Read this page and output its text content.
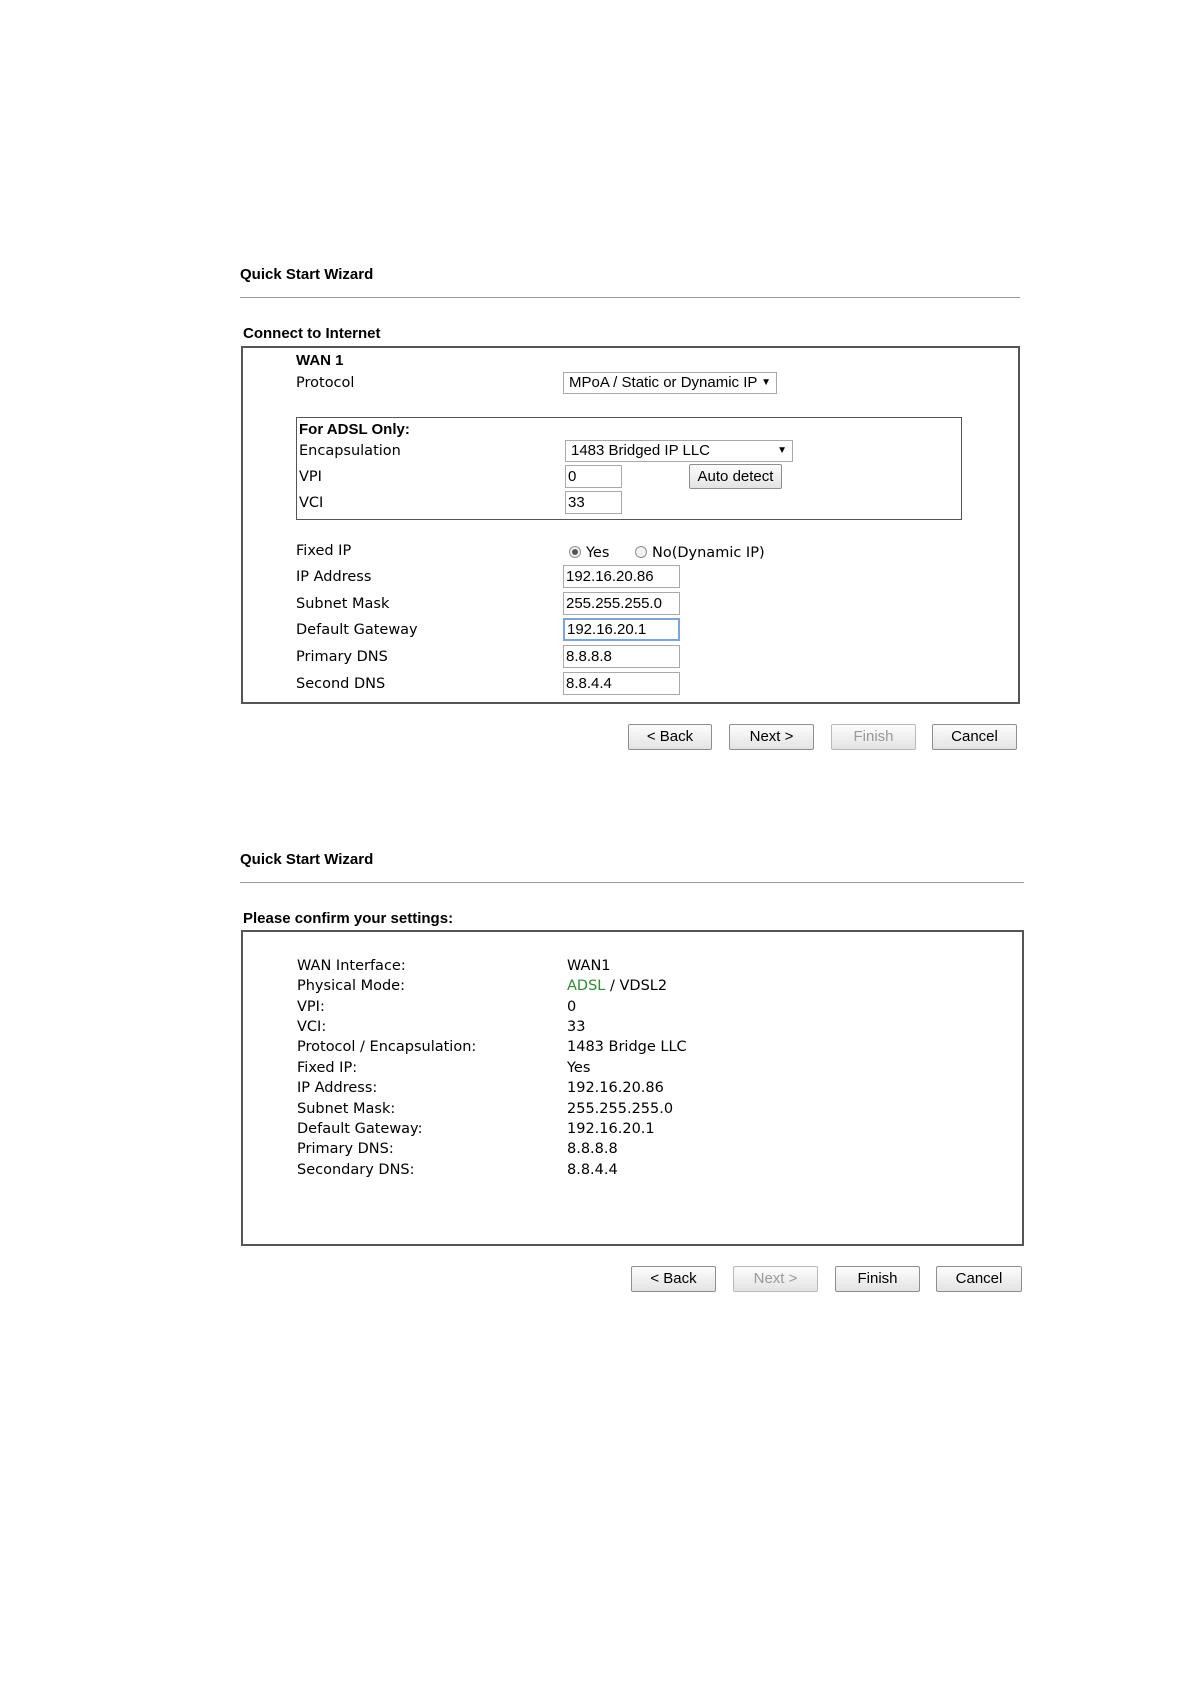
Quick Start Wizard
Connect to Internet
WAN 1
Protocol	MPoA / Static or Dynamic IP ▼
For ADSL Only:
Encapsulation	1483 Bridged IP LLC	▼
VPI	0	Auto detect
VCI	33
Fixed IP	Yes	No(Dynamic IP)
IP Address	192.16.20.86
Subnet Mask	255.255.255.0
Default Gateway	192.16.20.1
Primary DNS	8.8.8.8
Second DNS	8.8.4.4
< Back	Next >	Finish	Cancel
Quick Start Wizard
Please confirm your settings:
WAN Interface:	WAN1
Physical Mode:	ADSL / VDSL2
VPI:	0
VCI:	33
Protocol / Encapsulation:	1483 Bridge LLC
Fixed IP:	Yes
IP Address:	192.16.20.86
Subnet Mask:	255.255.255.0
Default Gateway:	192.16.20.1
Primary DNS:	8.8.8.8
Secondary DNS:	8.8.4.4
< Back	Next >	Finish	Cancel
